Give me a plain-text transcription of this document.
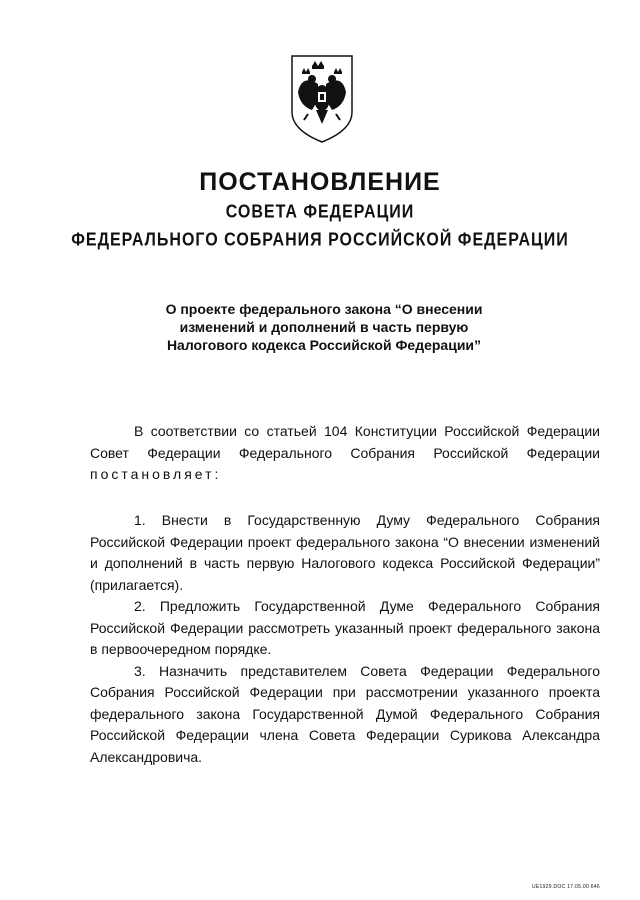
ПОСТАНОВЛЕНИЕ
СОВЕТА ФЕДЕРАЦИИ
ФЕДЕРАЛЬНОГО СОБРАНИЯ РОССИЙСКОЙ ФЕДЕРАЦИИ
О проекте федерального закона “О внесении
изменений и дополнений в часть первую
Налогового кодекса Российской Федерации”
В соответствии со статьей 104 Конституции Российской Федерации Совет Федерации Федерального Собрания Российской Федерации постановляет:

1. Внести в Государственную Думу Федерального Собрания Российской Федерации проект федерального закона “О внесении изменений и дополнений в часть первую Налогового кодекса Российской Федерации” (прилагается).

2. Предложить Государственной Думе Федерального Собрания Российской Федерации рассмотреть указанный проект федерального закона в первоочередном порядке.

3. Назначить представителем Совета Федерации Федерального Собрания Российской Федерации при рассмотрении указанного проекта федерального закона Государственной Думой Федерального Собрания Российской Федерации члена Совета Федерации Сурикова Александра Александровича.

UE1929.DOC 17.05.00 646
